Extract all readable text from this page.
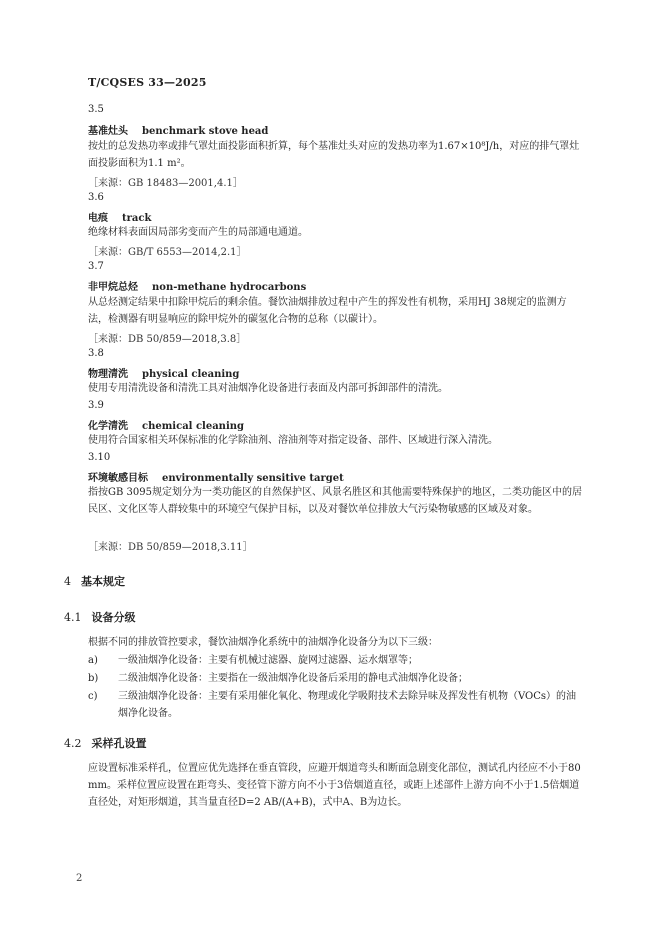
T/CQSES 33—2025
3.5
基准灶头 benchmark stove head
按灶的总发热功率或排气罩灶面投影面积折算，每个基准灶头对应的发热功率为1.67×10⁸J/h，对应的排气罩灶面投影面积为1.1 m²。
［来源：GB 18483—2001,4.1］
3.6
电痕 track
绝缘材料表面因局部劣变而产生的局部通电通道。
［来源：GB/T 6553—2014,2.1］
3.7
非甲烷总烃 non-methane hydrocarbons
从总烃测定结果中扣除甲烷后的剩余值。餐饮油烟排放过程中产生的挥发性有机物，采用HJ 38规定的监测方法，检测器有明显响应的除甲烷外的碳氢化合物的总称（以碳计）。
［来源：DB 50/859—2018,3.8］
3.8
物理清洗 physical cleaning
使用专用清洗设备和清洗工具对油烟净化设备进行表面及内部可拆卸部件的清洗。
3.9
化学清洗 chemical cleaning
使用符合国家相关环保标准的化学除油剂、溶油剂等对指定设备、部件、区域进行深入清洗。
3.10
环境敏感目标 environmentally sensitive target
指按GB 3095规定划分为一类功能区的自然保护区、风景名胜区和其他需要特殊保护的地区，二类功能区中的居民区、文化区等人群较集中的环境空气保护目标，以及对餐饮单位排放大气污染物敏感的区域及对象。
［来源：DB 50/859—2018,3.11］
4 基本规定
4.1 设备分级
根据不同的排放管控要求，餐饮油烟净化系统中的油烟净化设备分为以下三级：
a) 一级油烟净化设备：主要有机械过滤器、旋网过滤器、运水烟罩等；
b) 二级油烟净化设备：主要指在一级油烟净化设备后采用的静电式油烟净化设备；
c) 三级油烟净化设备：主要有采用催化氧化、物理或化学吸附技术去除异味及挥发性有机物（VOCs）的油烟净化设备。
4.2 采样孔设置
应设置标准采样孔，位置应优先选择在垂直管段，应避开烟道弯头和断面急剧变化部位，测试孔内径应不小于80 mm。采样位置应设置在距弯头、变径管下游方向不小于3倍烟道直径，或距上述部件上游方向不小于1.5倍烟道直径处，对矩形烟道，其当量直径D=2 AB/(A+B)，式中A、B为边长。
2
